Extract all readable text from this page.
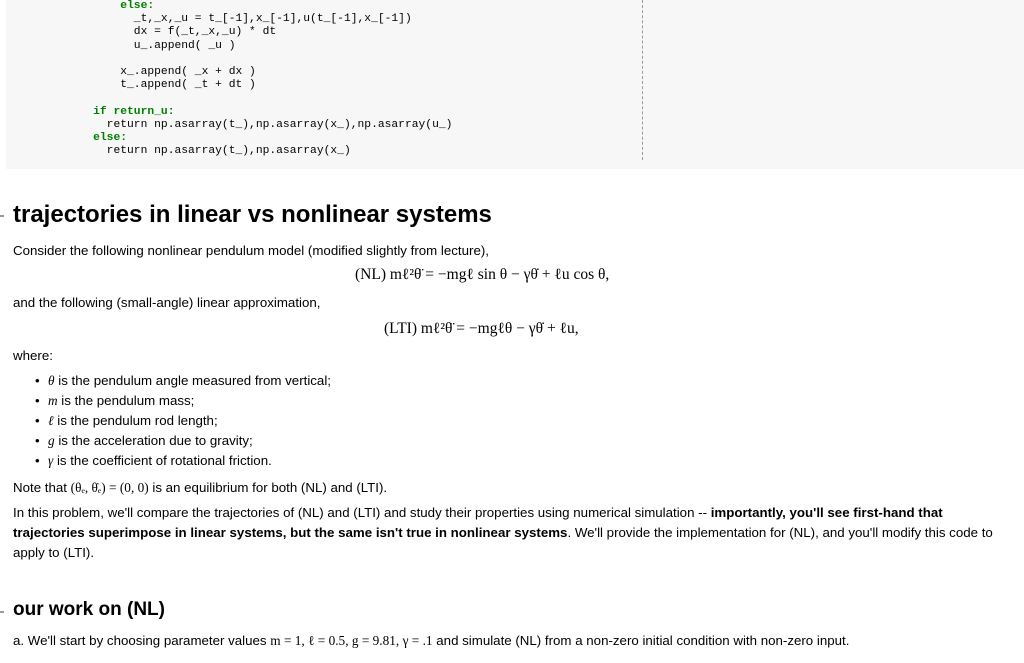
else:
_t,_x,_u = t_[-1],x_[-1],u(t_[-1],x_[-1])
dx = f(_t,_x,_u) * dt
u_.append( _u )

x_.append( _x + dx )
t_.append( _t + dt )

if return_u:
return np.asarray(t_),np.asarray(x_),np.asarray(u_)
else:
return np.asarray(t_),np.asarray(x_)
trajectories in linear vs nonlinear systems

Consider the following nonlinear pendulum model (modified slightly from lecture),

(NL) mℓ²θ̈ = −mgℓ sin θ − γθ̇ + ℓu cos θ,

and the following (small-angle) linear approximation,

(LTI) mℓ²θ̈ = −mgℓθ − γθ̇ + ℓu,

where:

• θ is the pendulum angle measured from vertical;
• m is the pendulum mass;
• ℓ is the pendulum rod length;
• g is the acceleration due to gravity;
• γ is the coefficient of rotational friction.

Note that (θₑ, θ̇ₑ) = (0, 0) is an equilibrium for both (NL) and (LTI).

In this problem, we'll compare the trajectories of (NL) and (LTI) and study their properties using numerical simulation -- importantly, you'll see first-hand that

trajectories superimpose in linear systems, but the same isn't true in nonlinear systems. We'll provide the implementation for (NL), and you'll modify this code to

apply to (LTI).

our work on (NL)

a. We'll start by choosing parameter values m = 1, ℓ = 0.5, g = 9.81, γ = .1 and simulate (NL) from a non-zero initial condition with non-zero input.
